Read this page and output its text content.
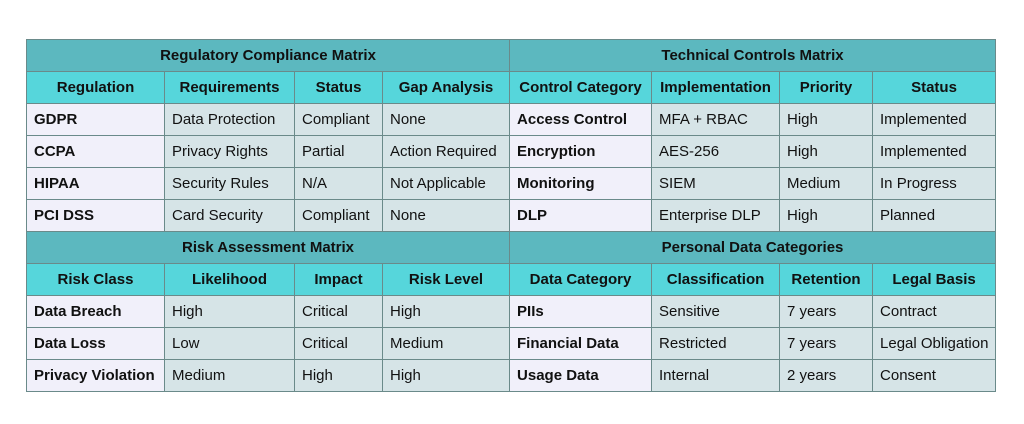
Regulatory Compliance Matrix				Technical Controls Matrix			
Regulation	Requirements	Status	Gap Analysis	Control Category	Implementation	Priority	Status
GDPR	Data Protection	Compliant	None	Access Control	MFA + RBAC	High	Implemented
CCPA	Privacy Rights	Partial	Action Required	Encryption	AES-256	High	Implemented
HIPAA	Security Rules	N/A	Not Applicable	Monitoring	SIEM	Medium	In Progress
PCI DSS	Card Security	Compliant	None	DLP	Enterprise DLP	High	Planned
Risk Assessment Matrix				Personal Data Categories			
Risk Class	Likelihood	Impact	Risk Level	Data Category	Classification	Retention	Legal Basis
Data Breach	High	Critical	High	PIIs	Sensitive	7 years	Contract
Data Loss	Low	Critical	Medium	Financial Data	Restricted	7 years	Legal Obligation
Privacy Violation	Medium	High	High	Usage Data	Internal	2 years	Consent
